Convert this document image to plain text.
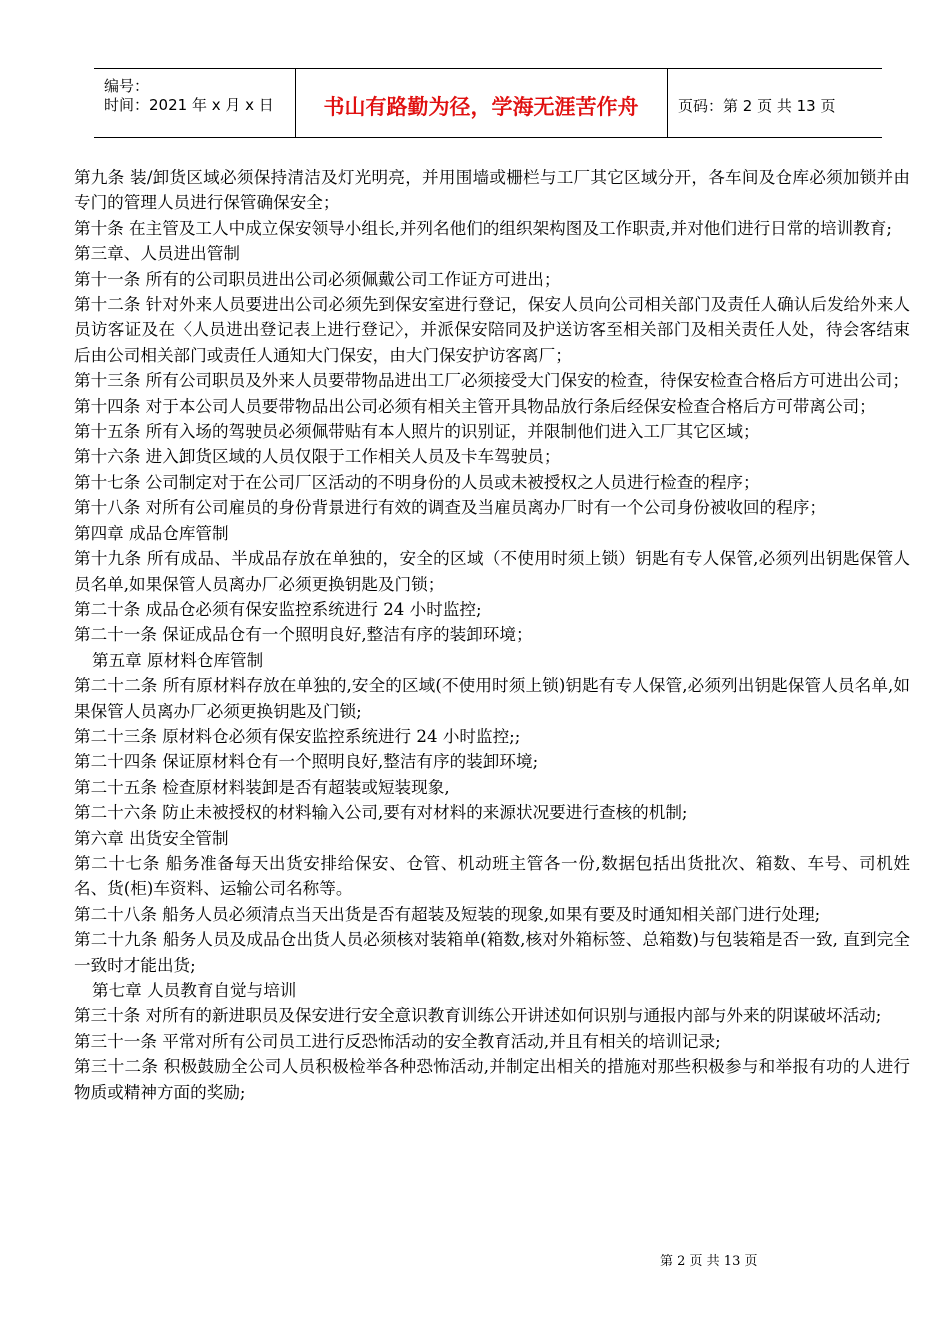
编号：
时间：2021 年 x 月 x 日	书山有路勤为径，学海无涯苦作舟	页码：第 2 页 共 13 页

第九条 装/卸货区域必须保持清洁及灯光明亮，并用围墙或栅栏与工厂其它区域分开，各车间及仓库必须加锁并由专门的管理人员进行保管确保安全；

第十条 在主管及工人中成立保安领导小组长,并列名他们的组织架构图及工作职责,并对他们进行日常的培训教育;

第三章、人员进出管制

第十一条 所有的公司职员进出公司必须佩戴公司工作证方可进出；

第十二条 针对外来人员要进出公司必须先到保安室进行登记，保安人员向公司相关部门及责任人确认后发给外来人员访客证及在〈人员进出登记表上进行登记〉，并派保安陪同及护送访客至相关部门及相关责任人处，待会客结束后由公司相关部门或责任人通知大门保安，由大门保安护访客离厂；

第十三条 所有公司职员及外来人员要带物品进出工厂必须接受大门保安的检查，待保安检查合格后方可进出公司；

第十四条 对于本公司人员要带物品出公司必须有相关主管开具物品放行条后经保安检查合格后方可带离公司；

第十五条 所有入场的驾驶员必须佩带贴有本人照片的识别证，并限制他们进入工厂其它区域；

第十六条 进入卸货区域的人员仅限于工作相关人员及卡车驾驶员；

第十七条 公司制定对于在公司厂区活动的不明身份的人员或未被授权之人员进行检查的程序；

第十八条 对所有公司雇员的身份背景进行有效的调查及当雇员离办厂时有一个公司身份被收回的程序；

第四章 成品仓库管制

第十九条 所有成品、半成品存放在单独的，安全的区域（不使用时须上锁）钥匙有专人保管,必须列出钥匙保管人员名单,如果保管人员离办厂必须更换钥匙及门锁；

第二十条 成品仓必须有保安监控系统进行 24 小时监控;

第二十一条 保证成品仓有一个照明良好,整洁有序的装卸环境；

第五章 原材料仓库管制

第二十二条 所有原材料存放在单独的,安全的区域(不使用时须上锁)钥匙有专人保管,必须列出钥匙保管人员名单,如果保管人员离办厂必须更换钥匙及门锁;

第二十三条 原材料仓必须有保安监控系统进行 24 小时监控;;

第二十四条 保证原材料仓有一个照明良好,整洁有序的装卸环境;

第二十五条 检查原材料装卸是否有超装或短装现象,

第二十六条 防止未被授权的材料输入公司,要有对材料的来源状况要进行查核的机制;

第六章 出货安全管制

第二十七条 船务准备每天出货安排给保安、仓管、机动班主管各一份,数据包括出货批次、箱数、车号、司机姓名、货(柜)车资料、运输公司名称等。

第二十八条 船务人员必须清点当天出货是否有超装及短装的现象,如果有要及时通知相关部门进行处理;

第二十九条 船务人员及成品仓出货人员必须核对装箱单(箱数,核对外箱标签、总箱数)与包装箱是否一致, 直到完全一致时才能出货;

第七章 人员教育自觉与培训

第三十条 对所有的新进职员及保安进行安全意识教育训练公开讲述如何识别与通报内部与外来的阴谋破坏活动;

第三十一条 平常对所有公司员工进行反恐怖活动的安全教育活动,并且有相关的培训记录;

第三十二条 积极鼓励全公司人员积极检举各种恐怖活动,并制定出相关的措施对那些积极参与和举报有功的人进行物质或精神方面的奖励;

第 2 页 共 13 页
